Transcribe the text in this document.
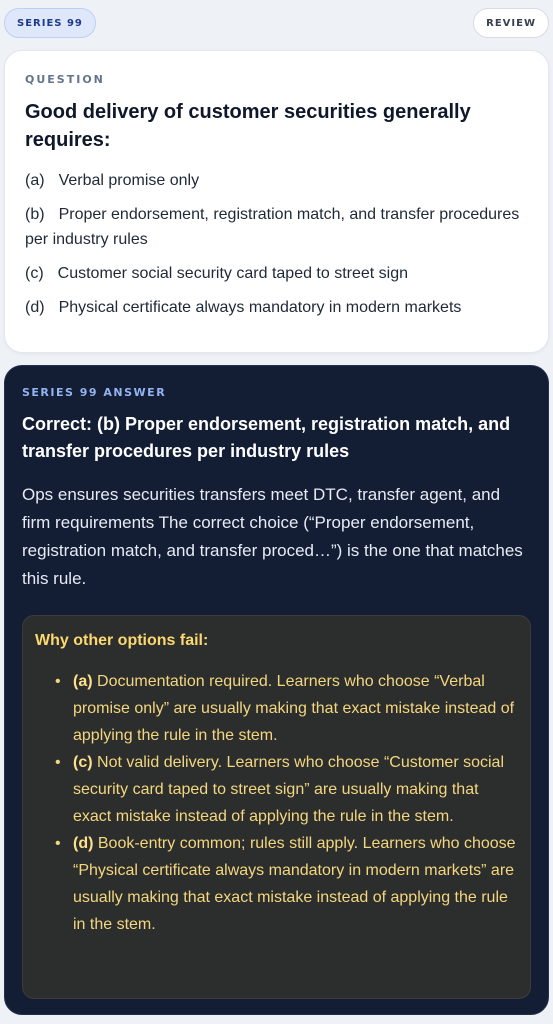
SERIES 99	REVIEW
QUESTION
Good delivery of customer securities generally requires:
(a) Verbal promise only
(b) Proper endorsement, registration match, and transfer procedures per industry rules
(c) Customer social security card taped to street sign
(d) Physical certificate always mandatory in modern markets
SERIES 99 ANSWER
Correct: (b) Proper endorsement, registration match, and transfer procedures per industry rules
Ops ensures securities transfers meet DTC, transfer agent, and firm requirements The correct choice (“Proper endorsement, registration match, and transfer proced…”) is the one that matches this rule.
Why other options fail:
• (a) Documentation required. Learners who choose “Verbal promise only” are usually making that exact mistake instead of applying the rule in the stem.
• (c) Not valid delivery. Learners who choose “Customer social security card taped to street sign” are usually making that exact mistake instead of applying the rule in the stem.
• (d) Book-entry common; rules still apply. Learners who choose “Physical certificate always mandatory in modern markets” are usually making that exact mistake instead of applying the rule in the stem.
